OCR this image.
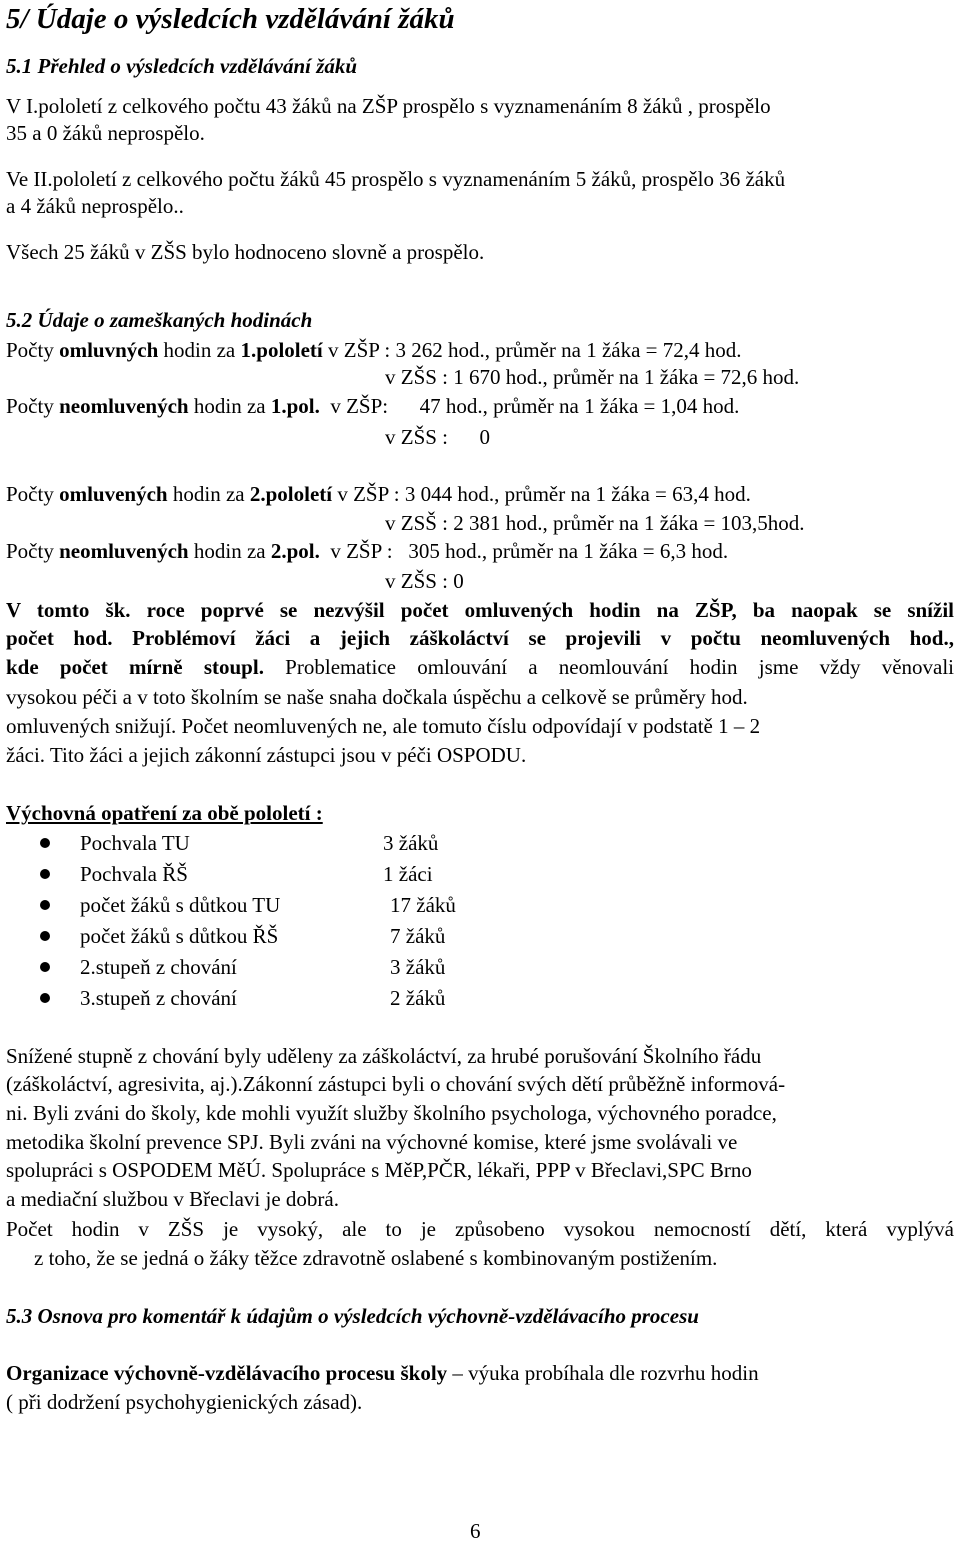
5/ Údaje o výsledcích vzdělávání žáků
5.1 Přehled o výsledcích vzdělávání žáků
V I.pololetí z celkového počtu 43 žáků na ZŠP prospělo s vyznamenáním 8 žáků , prospělo
35 a 0 žáků neprospělo.
Ve II.pololetí z celkového počtu žáků 45 prospělo s vyznamenáním 5 žáků, prospělo 36 žáků
a 4 žáků neprospělo..
Všech 25 žáků v ZŠS bylo hodnoceno slovně a prospělo.
5.2 Údaje o zameškaných hodinách
Počty omluvných hodin za 1.pololetí v ZŠP : 3 262 hod., průměr na 1 žáka = 72,4 hod.
v ZŠS : 1 670 hod., průměr na 1 žáka = 72,6 hod.
Počty neomluvených hodin za 1.pol.  v ZŠP:      47 hod., průměr na 1 žáka = 1,04 hod.
v ZŠS :      0
Počty omluvených hodin za 2.pololetí v ZŠP : 3 044 hod., průměr na 1 žáka = 63,4 hod.
v ZSŠ : 2 381 hod., průměr na 1 žáka = 103,5hod.
Počty neomluvených hodin za 2.pol.  v ZŠP :   305 hod., průměr na 1 žáka = 6,3 hod.
v ZŠS : 0
V tomto šk. roce poprvé se nezvýšil počet omluvených hodin na ZŠP, ba naopak se snížil
počet hod. Problémoví žáci a jejich záškoláctví se projevili v počtu neomluvených hod.,
kde počet mírně stoupl. Problematice omlouvání a neomlouvání hodin jsme vždy věnovali
vysokou péči a v toto školním se naše snaha dočkala úspěchu a celkově se průměry hod.
omluvených snižují. Počet neomluvených ne, ale tomuto číslu odpovídají v podstatě 1 – 2
žáci. Tito žáci a jejich zákonní zástupci jsou v péči OSPODU.
Výchovná opatření za obě pololetí :
Pochvala TU	3 žáků
Pochvala ŘŠ	1 žáci
počet žáků s důtkou TU	17 žáků
počet žáků s důtkou ŘŠ	7 žáků
2.stupeň z chování	3 žáků
3.stupeň z chování	2 žáků
Snížené stupně z chování byly uděleny za záškoláctví, za hrubé porušování Školního řádu
(záškoláctví, agresivita, aj.).Zákonní zástupci byli o chování svých dětí průběžně informová-
ni. Byli zváni do školy, kde mohli využít služby školního psychologa, výchovného poradce,
metodika školní prevence SPJ. Byli zváni na výchovné komise, které jsme svolávali ve
spolupráci s OSPODEM MěÚ. Spolupráce s MěP,PČR, lékaři, PPP v Břeclavi,SPC Brno
a mediační službou v Břeclavi je dobrá.
Počet hodin v ZŠS je vysoký, ale to je způsobeno vysokou nemocností dětí, která vyplývá
z toho, že se jedná o žáky těžce zdravotně oslabené s kombinovaným postižením.
5.3 Osnova pro komentář k údajům o výsledcích výchovně-vzdělávacího procesu
Organizace výchovně-vzdělávacího procesu školy – výuka probíhala dle rozvrhu hodin
( při dodržení psychohygienických zásad).
6
